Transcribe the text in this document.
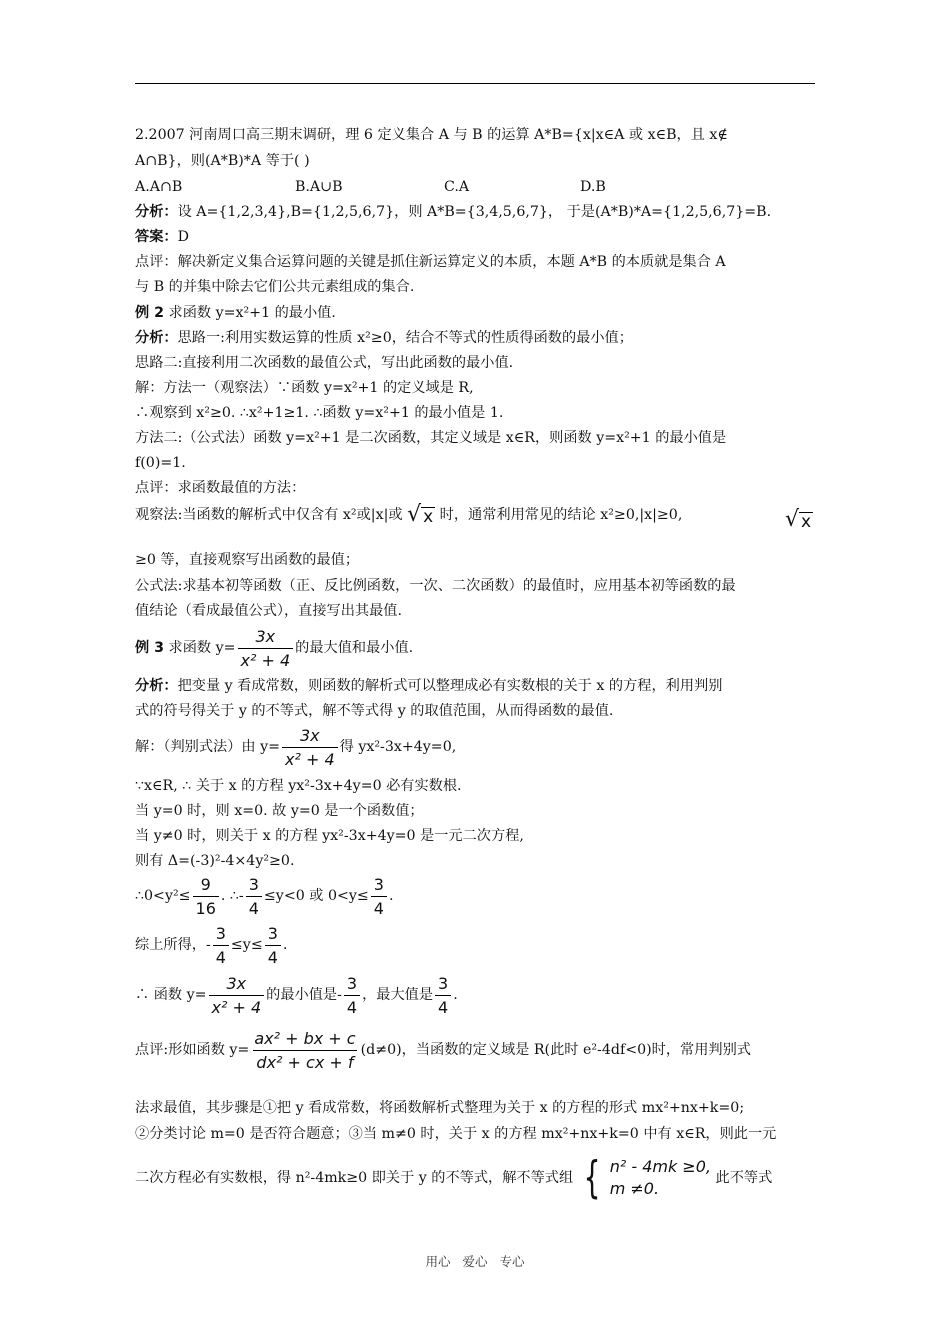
2.2007 河南周口高三期末调研，理 6 定义集合 A 与 B 的运算 A*B={x|x∈A 或 x∈B，且 x∉
A∩B}，则(A*B)*A 等于( )
A.A∩B	B.A∪B	C.A	D.B
分析：设 A={1,2,3,4},B={1,2,5,6,7}，则 A*B={3,4,5,6,7}， 于是(A*B)*A={1,2,5,6,7}=B.
答案：D
点评：解决新定义集合运算问题的关键是抓住新运算定义的本质，本题 A*B 的本质就是集合 A
与 B 的并集中除去它们公共元素组成的集合.
例 2 求函数 y=x²+1 的最小值.
分析：思路一:利用实数运算的性质 x²≥0，结合不等式的性质得函数的最小值；
思路二:直接利用二次函数的最值公式，写出此函数的最小值.
解：方法一（观察法）∵函数 y=x²+1 的定义域是 R,
∴观察到 x²≥0. ∴x²+1≥1. ∴函数 y=x²+1 的最小值是 1.
方法二:（公式法）函数 y=x²+1 是二次函数，其定义域是 x∈R，则函数 y=x²+1 的最小值是
f(0)=1.
点评：求函数最值的方法：
观察法:当函数的解析式中仅含有 x²或|x|或 √ x 时，通常利用常见的结论 x²≥0,|x|≥0,	√ x
≥0 等，直接观察写出函数的最值；
公式法:求基本初等函数（正、反比例函数，一次、二次函数）的最值时，应用基本初等函数的最
值结论（看成最值公式），直接写出其最值.
例 3 求函数 $y= \frac{3x}{\text{x² + 4}}$ 的最大值和最小值.
分析：把变量 y 看成常数，则函数的解析式可以整理成必有实数根的关于 x 的方程，利用判别
式的符号得关于 y 的不等式，解不等式得 y 的取值范围，从而得函数的最值.
解：（判别式法）由 $y= \frac{3x}{\text{x² + 4}}$ 得 yx²-3x+4y=0,
∵x∈R, ∴ 关于 x 的方程 yx²-3x+4y=0 必有实数根.
当 y=0 时，则 x=0. 故 y=0 是一个函数值；
当 y≠0 时，则关于 x 的方程 yx²-3x+4y=0 是一元二次方程,
则有 Δ=(-3)²-4×4y²≥0.
∴0<y²≤ $\frac{9}{16}$ . ∴- $\frac{3}{4} \le y<0$ 或 $0<y\le \frac{3}{4}$ .
综上所得，- $\frac{3}{4} \le y\le \frac{3}{4}$ .
∴ 函数 $y= \frac{3x}{\text{x² + 4}}$ 的最小值是- $\frac{3}{4}$ ，最大值是 $\frac{3}{4}$ .
点评:形如函数 $y= \frac{\text{ax² + bx + c}}{\text{dx² + cx + f}} (d\ne 0)$，当函数的定义域是 R(此时 e²-4df<0)时，常用判别式
法求最值，其步骤是①把 y 看成常数，将函数解析式整理为关于 x 的方程的形式 mx²+nx+k=0;
②分类讨论 m=0 是否符合题意；③当 m≠0 时，关于 x 的方程 mx²+nx+k=0 中有 x∈R，则此一元
二次方程必有实数根，得 n²-4mk≥0 即关于 y 的不等式，解不等式组 { n² - 4mk ≥0,
m ≠0.
此不等式
用心 爱心 专心
